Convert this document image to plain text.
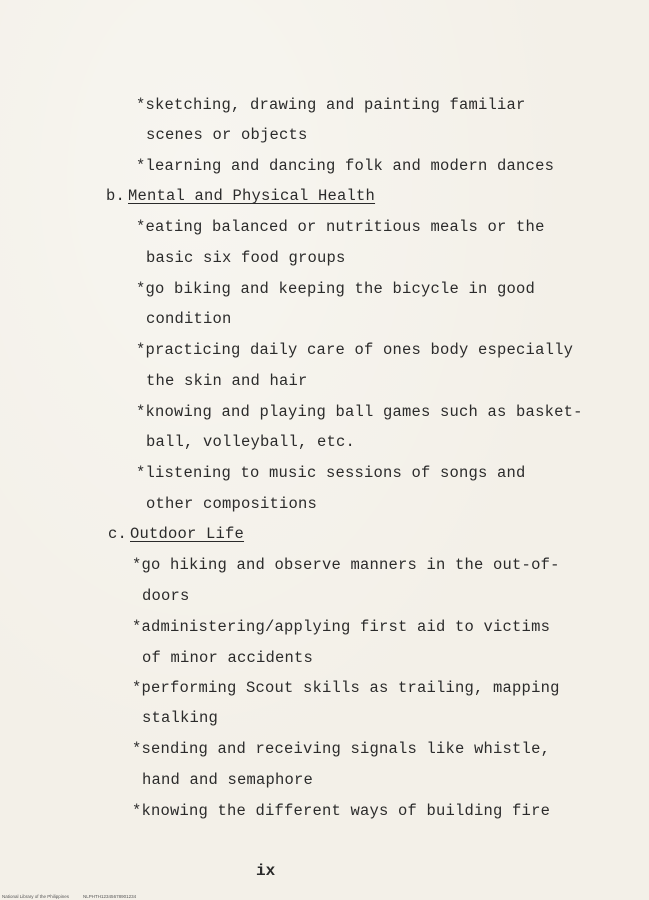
*sketching, drawing and painting familiar
scenes or objects
*learning and dancing folk and modern dances
b. Mental and Physical Health
*eating balanced or nutritious meals or the
basic six food groups
*go biking and keeping the bicycle in good
condition
*practicing daily care of ones body especially
the skin and hair
*knowing and playing ball games such as basket-
ball, volleyball, etc.
*listening to music sessions of songs and
other compositions
c. Outdoor Life
*go hiking and observe manners in the out-of-
doors
*administering/applying first aid to victims
of minor accidents
*performing Scout skills as trailing, mapping
stalking
*sending and receiving signals like whistle,
hand and semaphore
*knowing the different ways of building fire
ix
National Library of the Philippines	NLPHTH12345678901234
